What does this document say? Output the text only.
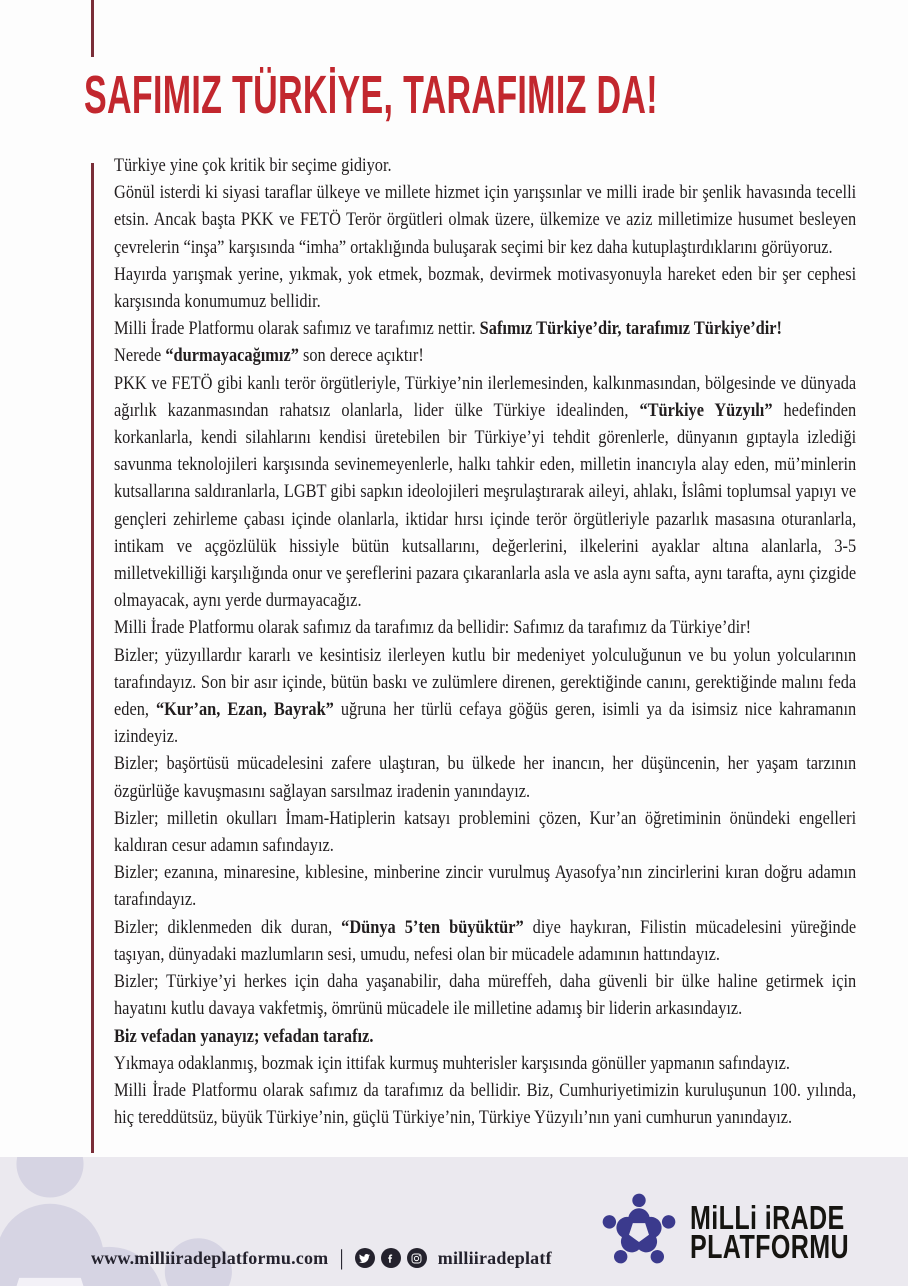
SAFIMIZ TÜRKİYE, TARAFIMIZ DA!

Türkiye yine çok kritik bir seçime gidiyor.

Gönül isterdi ki siyasi taraflar ülkeye ve millete hizmet için yarışsınlar ve milli irade bir şenlik havasında tecelli etsin. Ancak başta PKK ve FETÖ Terör örgütleri olmak üzere, ülkemize ve aziz milletimize husumet besleyen çevrelerin “inşa” karşısında “imha” ortaklığında buluşarak seçimi bir kez daha kutuplaştırdıklarını görüyoruz.

Hayırda yarışmak yerine, yıkmak, yok etmek, bozmak, devirmek motivasyonuyla hareket eden bir şer cephesi karşısında konumumuz bellidir.

Milli İrade Platformu olarak safımız ve tarafımız nettir. Safımız Türkiye’dir, tarafımız Türkiye’dir!

Nerede “durmayacağımız” son derece açıktır!

PKK ve FETÖ gibi kanlı terör örgütleriyle, Türkiye’nin ilerlemesinden, kalkınmasından, bölgesinde ve dünyada ağırlık kazanmasından rahatsız olanlarla, lider ülke Türkiye idealinden, “Türkiye Yüzyılı” hedefinden korkanlarla, kendi silahlarını kendisi üretebilen bir Türkiye’yi tehdit görenlerle, dünyanın gıptayla izlediği savunma teknolojileri karşısında sevinemeyenlerle, halkı tahkir eden, milletin inancıyla alay eden, mü’minlerin kutsallarına saldıranlarla, LGBT gibi sapkın ideolojileri meşrulaştırarak aileyi, ahlakı, İslâmi toplumsal yapıyı ve gençleri zehirleme çabası içinde olanlarla, iktidar hırsı içinde terör örgütleriyle pazarlık masasına oturanlarla, intikam ve açgözlülük hissiyle bütün kutsallarını, değerlerini, ilkelerini ayaklar altına alanlarla, 3-5 milletvekilliği karşılığında onur ve şereflerini pazara çıkaranlarla asla ve asla aynı safta, aynı tarafta, aynı çizgide olmayacak, aynı yerde durmayacağız.

Milli İrade Platformu olarak safımız da tarafımız da bellidir: Safımız da tarafımız da Türkiye’dir!

Bizler; yüzyıllardır kararlı ve kesintisiz ilerleyen kutlu bir medeniyet yolculuğunun ve bu yolun yolcularının tarafındayız. Son bir asır içinde, bütün baskı ve zulümlere direnen, gerektiğinde canını, gerektiğinde malını feda eden, “Kur’an, Ezan, Bayrak” uğruna her türlü cefaya göğüs geren, isimli ya da isimsiz nice kahramanın izindeyiz.

Bizler; başörtüsü mücadelesini zafere ulaştıran, bu ülkede her inancın, her düşüncenin, her yaşam tarzının özgürlüğe kavuşmasını sağlayan sarsılmaz iradenin yanındayız.

Bizler; milletin okulları İmam-Hatiplerin katsayı problemini çözen, Kur’an öğretiminin önündeki engelleri kaldıran cesur adamın safındayız.

Bizler; ezanına, minaresine, kıblesine, minberine zincir vurulmuş Ayasofya’nın zincirlerini kıran doğru adamın tarafındayız.

Bizler; diklenmeden dik duran, “Dünya 5’ten büyüktür” diye haykıran, Filistin mücadelesini yüreğinde taşıyan, dünyadaki mazlumların sesi, umudu, nefesi olan bir mücadele adamının hattındayız.

Bizler; Türkiye’yi herkes için daha yaşanabilir, daha müreffeh, daha güvenli bir ülke haline getirmek için hayatını kutlu davaya vakfetmiş, ömrünü mücadele ile milletine adamış bir liderin arkasındayız.

Biz vefadan yanayız; vefadan tarafız.

Yıkmaya odaklanmış, bozmak için ittifak kurmuş muhterisler karşısında gönüller yapmanın safındayız.

Milli İrade Platformu olarak safımız da tarafımız da bellidir. Biz, Cumhuriyetimizin kuruluşunun 100. yılında, hiç tereddütsüz, büyük Türkiye’nin, güçlü Türkiye’nin, Türkiye Yüzyılı’nın yani cumhurun yanındayız.

www.milliiradeplatformu.com |	milliiradeplatf
MiLLi iRADE
PLATFORMU
